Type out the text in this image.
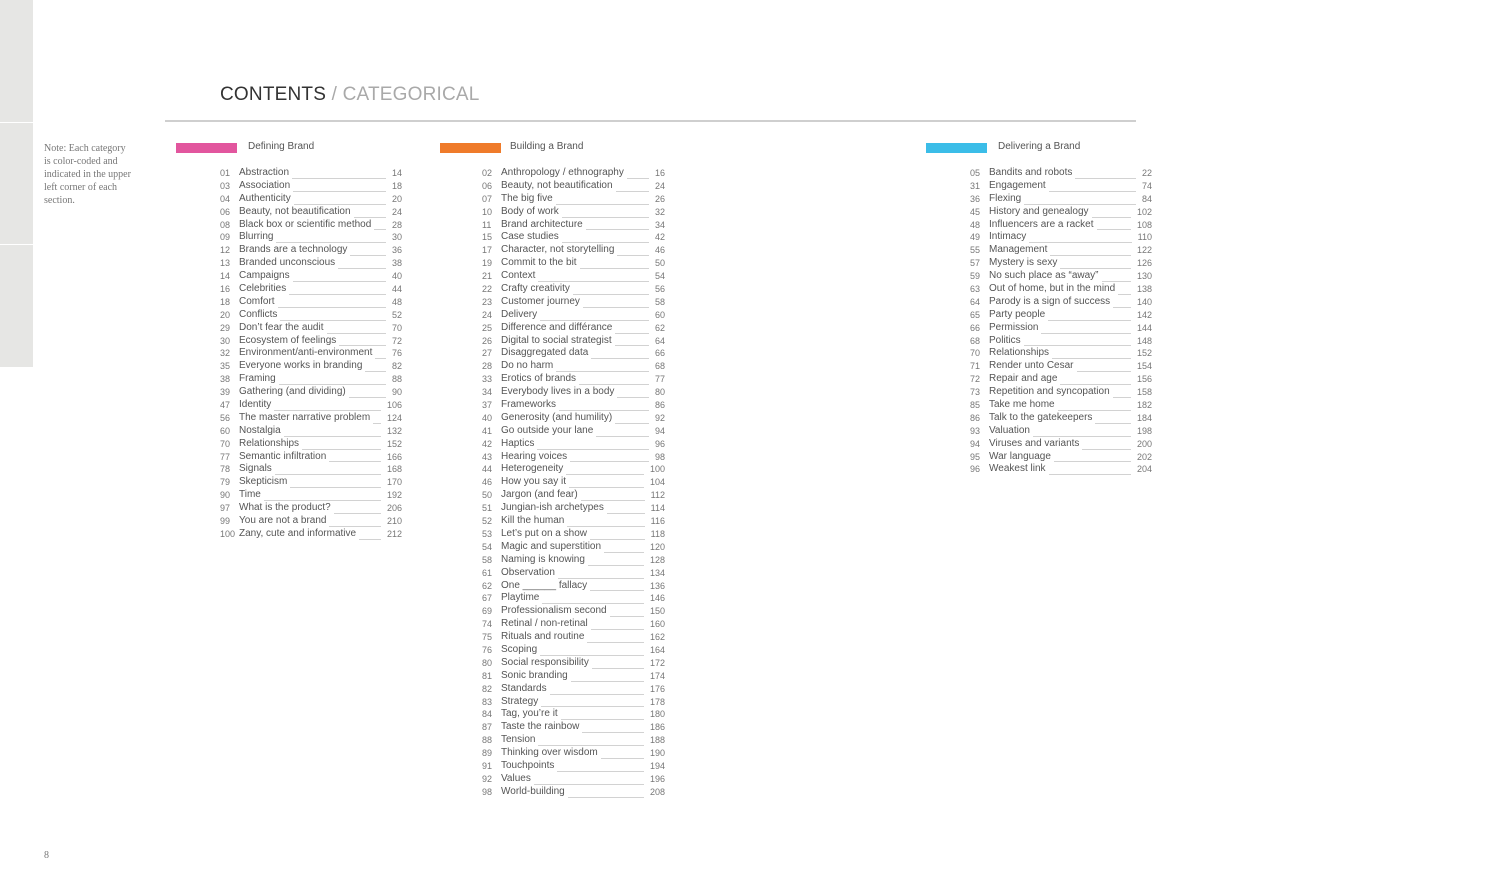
CONTENTS / CATEGORICAL
Note: Each category is color-coded and indicated in the upper left corner of each section.
Defining Brand	Building a Brand	Delivering a Brand
01 Abstraction	14
03 Association	18
04 Authenticity	20
06 Beauty, not beautification	24
08 Black box or scientific method 28
09 Blurring	30
12 Brands are a technology	36
13 Branded unconscious	38
14 Campaigns	40
16 Celebrities	44
18 Comfort	48
20 Conflicts	52
29 Don’t fear the audit	70
30 Ecosystem of feelings	72
32 Environment/anti-environment 76
35 Everyone works in branding	82
38 Framing	88
39 Gathering (and dividing)	90
47 Identity	106
56 The master narrative problem 124
60 Nostalgia	132
70 Relationships	152
77 Semantic infiltration	166
78 Signals	168
79 Skepticism	170
90 Time	192
97 What is the product?	206
99 You are not a brand	210
100 Zany, cute and informative	212
02 Anthropology / ethnography	16
06 Beauty, not beautification	24
07 The big five	26
10 Body of work	32
11 Brand architecture	34
15 Case studies	42
17 Character, not storytelling	46
19 Commit to the bit	50
21 Context	54
22 Crafty creativity	56
23 Customer journey	58
24 Delivery	60
25 Difference and différance	62
26 Digital to social strategist	64
27 Disaggregated data	66
28 Do no harm	68
33 Erotics of brands	77
34 Everybody lives in a body	80
37 Frameworks	86
40 Generosity (and humility)	92
41 Go outside your lane	94
42 Haptics	96
43 Hearing voices	98
44 Heterogeneity	100
46 How you say it	104
50 Jargon (and fear)	112
51 Jungian-ish archetypes	114
52 Kill the human	116
53 Let’s put on a show	118
54 Magic and superstition	120
58 Naming is knowing	128
61 Observation	134
62 One ______ fallacy	136
67 Playtime	146
69 Professionalism second	150
74 Retinal / non-retinal	160
75 Rituals and routine	162
76 Scoping	164
80 Social responsibility	172
81 Sonic branding	174
82 Standards	176
83 Strategy	178
84 Tag, you’re it	180
87 Taste the rainbow	186
88 Tension	188
89 Thinking over wisdom	190
91 Touchpoints	194
92 Values	196
98 World-building	208
05 Bandits and robots	22
31 Engagement	74
36 Flexing	84
45 History and genealogy	102
48 Influencers are a racket	108
49 Intimacy	110
55 Management	122
57 Mystery is sexy	126
59 No such place as “away”	130
63 Out of home, but in the mind 138
64 Parody is a sign of success	140
65 Party people	142
66 Permission	144
68 Politics	148
70 Relationships	152
71 Render unto Cesar	154
72 Repair and age	156
73 Repetition and syncopation	158
85 Take me home	182
86 Talk to the gatekeepers	184
93 Valuation	198
94 Viruses and variants	200
95 War language	202
96 Weakest link	204
8
